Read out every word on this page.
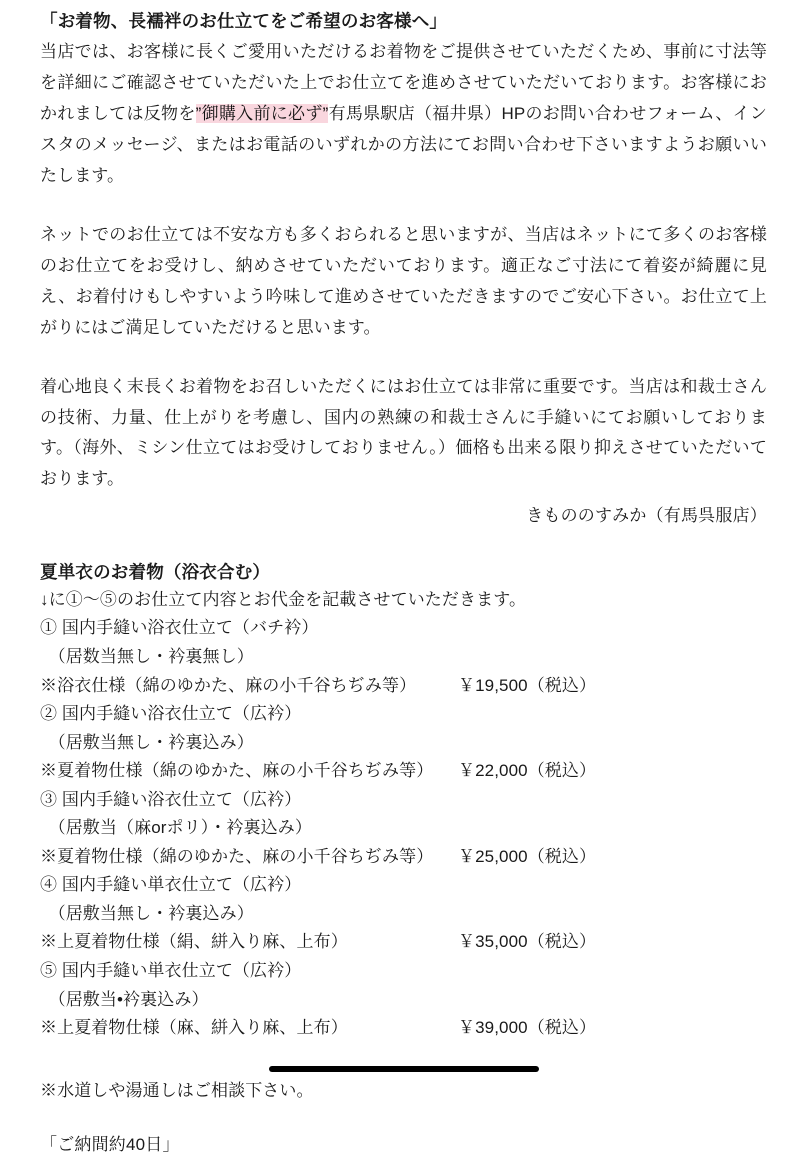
「お着物、長襦袢のお仕立てをご希望のお客様へ」

当店では、お客様に長くご愛用いただけるお着物をご提供させていただくため、事前に寸法等を詳細にご確認させていただいた上でお仕立てを進めさせていただいております。お客様におかれましては反物を”御購入前に必ず”有馬県駅店（福井県）HPのお問い合わせフォーム、インスタのメッセージ、またはお電話のいずれかの方法にてお問い合わせ下さいますようお願いいたします。

ネットでのお仕立ては不安な方も多くおられると思いますが、当店はネットにて多くのお客様のお仕立てをお受けし、納めさせていただいております。適正なご寸法にて着姿が綺麗に見え、お着付けもしやすいよう吟味して進めさせていただきますのでご安心下さい。お仕立て上がりにはご満足していただけると思います。

着心地良く末長くお着物をお召しいただくにはお仕立ては非常に重要です。当店は和裁士さんの技術、力量、仕上がりを考慮し、国内の熟練の和裁士さんに手縫いにてお願いしております。（海外、ミシン仕立てはお受けしておりません。）価格も出来る限り抑えさせていただいております。

きもののすみか（有馬呉服店）
夏単衣のお着物（浴衣合む）
↓に①〜⑤のお仕立て内容とお代金を記載させていただきます。
① 国内手縫い浴衣仕立て（バチ衿）
　（居数当無し・衿裏無し）
※浴衣仕様（綿のゆかた、麻の小千谷ちぢみ等）	￥19,500（税込）
② 国内手縫い浴衣仕立て（広衿）
　（居敷当無し・衿裏込み）
※夏着物仕様（綿のゆかた、麻の小千谷ちぢみ等）	￥22,000（税込）
③ 国内手縫い浴衣仕立て（広衿）
　（居敷当（麻orポリ）・衿裏込み）
※夏着物仕様（綿のゆかた、麻の小千谷ちぢみ等）	￥25,000（税込）
④ 国内手縫い単衣仕立て（広衿）
　（居敷当無し・衿裏込み）
※上夏着物仕様（絹、絣入り麻、上布）	￥35,000（税込）
⑤ 国内手縫い単衣仕立て（広衿）
　（居敷当•衿裏込み）
※上夏着物仕様（麻、絣入り麻、上布）	￥39,000（税込）
※水道しや湯通しはご相談下さい。
「ご納間約40日」
